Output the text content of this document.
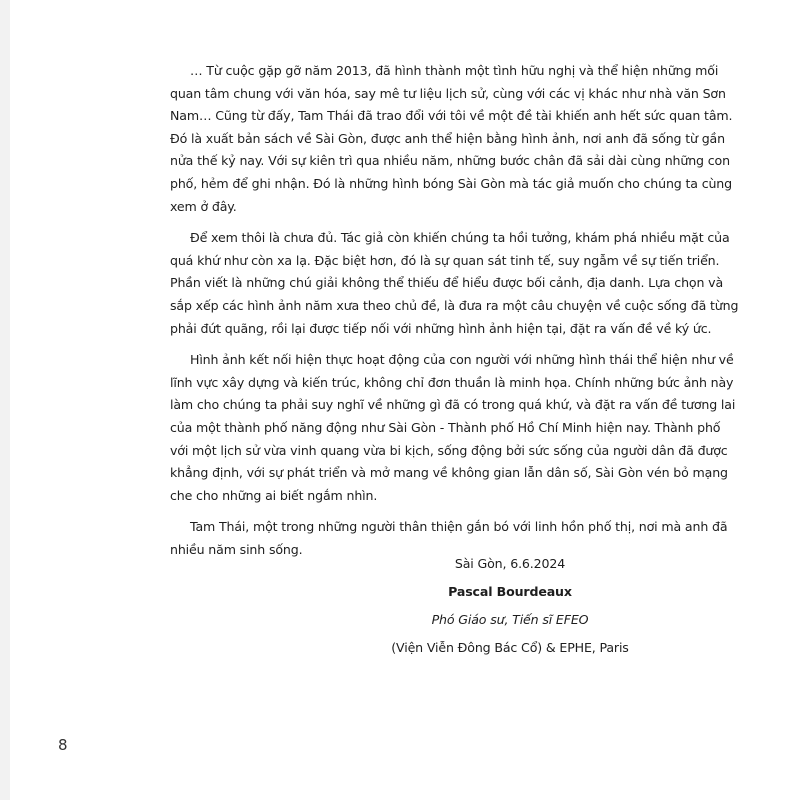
… Từ cuộc gặp gỡ năm 2013, đã hình thành một tình hữu nghị và thể hiện những mối quan tâm chung với văn hóa, say mê tư liệu lịch sử, cùng với các vị khác như nhà văn Sơn Nam… Cũng từ đấy, Tam Thái đã trao đổi với tôi về một đề tài khiến anh hết sức quan tâm. Đó là xuất bản sách về Sài Gòn, được anh thể hiện bằng hình ảnh, nơi anh đã sống từ gần nửa thế kỷ nay. Với sự kiên trì qua nhiều năm, những bước chân đã sải dài cùng những con phố, hẻm để ghi nhận. Đó là những hình bóng Sài Gòn mà tác giả muốn cho chúng ta cùng xem ở đây.

Để xem thôi là chưa đủ. Tác giả còn khiến chúng ta hồi tưởng, khám phá nhiều mặt của quá khứ như còn xa lạ. Đặc biệt hơn, đó là sự quan sát tinh tế, suy ngẫm về sự tiến triển. Phần viết là những chú giải không thể thiếu để hiểu được bối cảnh, địa danh. Lựa chọn và sắp xếp các hình ảnh năm xưa theo chủ đề, là đưa ra một câu chuyện về cuộc sống đã từng phải đứt quãng, rồi lại được tiếp nối với những hình ảnh hiện tại, đặt ra vấn đề về ký ức.

Hình ảnh kết nối hiện thực hoạt động của con người với những hình thái thể hiện như về lĩnh vực xây dựng và kiến trúc, không chỉ đơn thuần là minh họa. Chính những bức ảnh này làm cho chúng ta phải suy nghĩ về những gì đã có trong quá khứ, và đặt ra vấn đề tương lai của một thành phố năng động như Sài Gòn - Thành phố Hồ Chí Minh hiện nay. Thành phố với một lịch sử vừa vinh quang vừa bi kịch, sống động bởi sức sống của người dân đã được khẳng định, với sự phát triển và mở mang về không gian lẫn dân số, Sài Gòn vén bỏ mạng che cho những ai biết ngắm nhìn.

Tam Thái, một trong những người thân thiện gắn bó với linh hồn phố thị, nơi mà anh đã nhiều năm sinh sống.

Sài Gòn, 6.6.2024
Pascal Bourdeaux
Phó Giáo sư, Tiến sĩ EFEO
(Viện Viễn Đông Bác Cổ) & EPHE, Paris
8
